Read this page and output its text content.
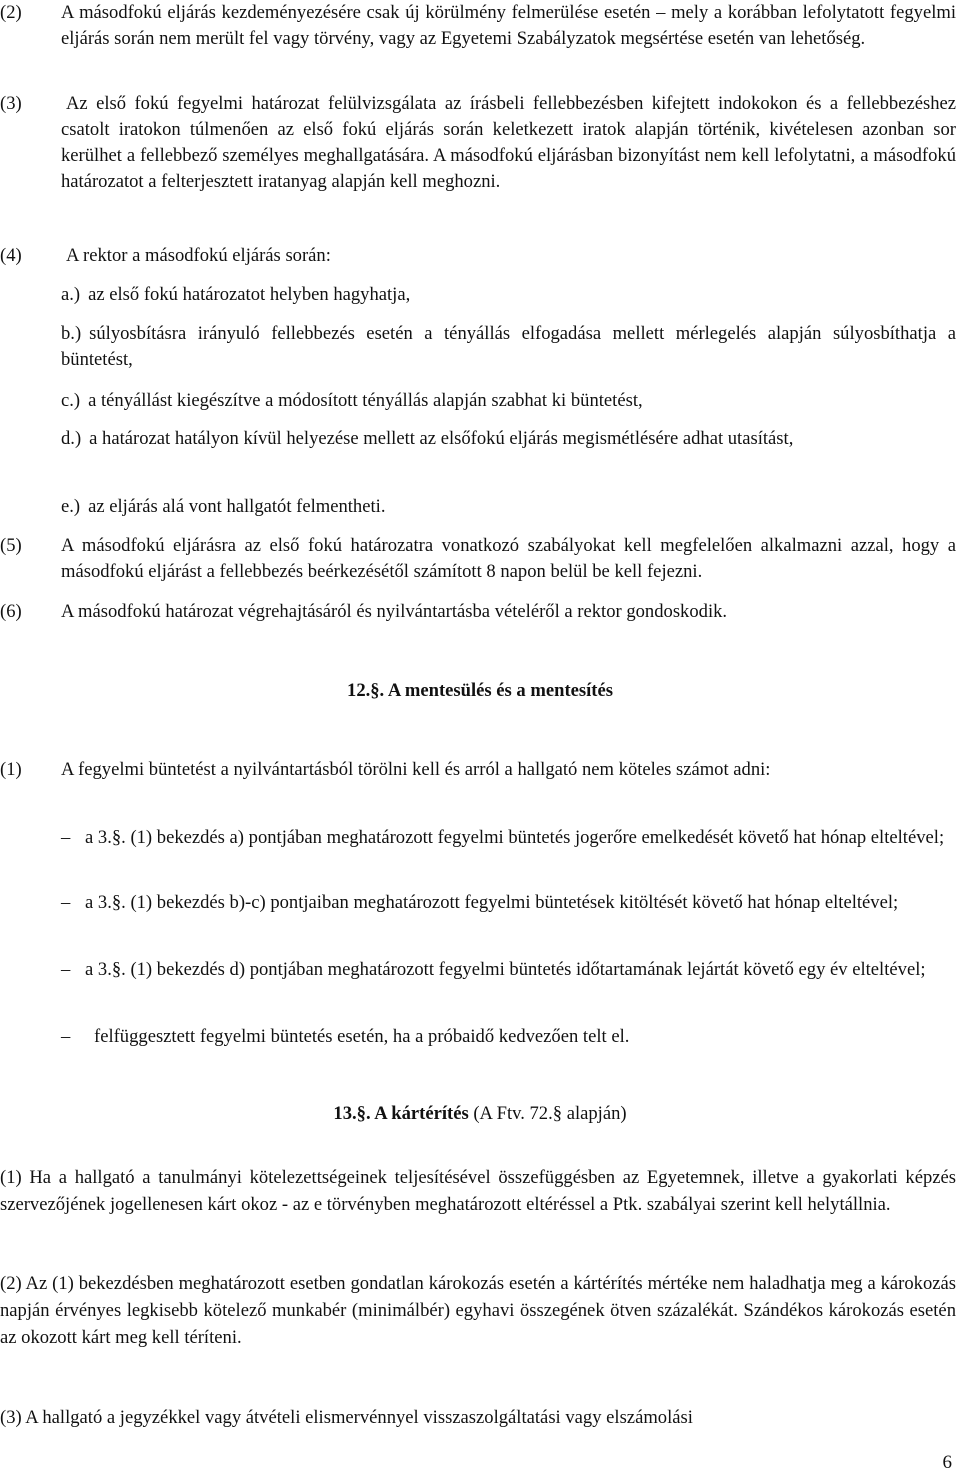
(2) A másodfokú eljárás kezdeményezésére csak új körülmény felmerülése esetén – mely a korábban lefolytatott fegyelmi eljárás során nem merült fel vagy törvény, vagy az Egyetemi Szabályzatok megsértése esetén van lehetőség.
(3) Az első fokú fegyelmi határozat felülvizsgálata az írásbeli fellebbezésben kifejtett indokokon és a fellebbezéshez csatolt iratokon túlmenően az első fokú eljárás során keletkezett iratok alapján történik, kivételesen azonban sor kerülhet a fellebbező személyes meghallgatására. A másodfokú eljárásban bizonyítást nem kell lefolytatni, a másodfokú határozatot a felterjesztett iratanyag alapján kell meghozni.
(4) A rektor a másodfokú eljárás során:
a.) az első fokú határozatot helyben hagyhatja,
b.) súlyosbításra irányuló fellebbezés esetén a tényállás elfogadása mellett mérlegelés alapján súlyosbíthatja a büntetést,
c.) a tényállást kiegészítve a módosított tényállás alapján szabhat ki büntetést,
d.) a határozat hatályon kívül helyezése mellett az elsőfokú eljárás megismétlésére adhat utasítást,
e.) az eljárás alá vont hallgatót felmentheti.
(5) A másodfokú eljárásra az első fokú határozatra vonatkozó szabályokat kell megfelelően alkalmazni azzal, hogy a másodfokú eljárást a fellebbezés beérkezésétől számított 8 napon belül be kell fejezni.
(6) A másodfokú határozat végrehajtásáról és nyilvántartásba vételéről a rektor gondoskodik.
12.§. A mentesülés és a mentesítés
(1) A fegyelmi büntetést a nyilvántartásból törölni kell és arról a hallgató nem köteles számot adni:
– a 3.§. (1) bekezdés a) pontjában meghatározott fegyelmi büntetés jogerőre emelkedését követő hat hónap elteltével;
– a 3.§. (1) bekezdés b)-c) pontjaiban meghatározott fegyelmi büntetések kitöltését követő hat hónap elteltével;
– a 3.§. (1) bekezdés d) pontjában meghatározott fegyelmi büntetés időtartamának lejártát követő egy év elteltével;
– felfüggesztett fegyelmi büntetés esetén, ha a próbaidő kedvezően telt el.
13.§. A kártérítés (A Ftv. 72.§ alapján)
(1) Ha a hallgató a tanulmányi kötelezettségeinek teljesítésével összefüggésben az Egyetemnek, illetve a gyakorlati képzés szervezőjének jogellenesen kárt okoz - az e törvényben meghatározott eltéréssel a Ptk. szabályai szerint kell helytállnia.
(2) Az (1) bekezdésben meghatározott esetben gondatlan károkozás esetén a kártérítés mértéke nem haladhatja meg a károkozás napján érvényes legkisebb kötelező munkabér (minimálbér) egyhavi összegének ötven százalékát. Szándékos károkozás esetén az okozott kárt meg kell téríteni.
(3) A hallgató a jegyzékkel vagy átvételi elismervénnyel visszaszolgáltatási vagy elszámolási
6
